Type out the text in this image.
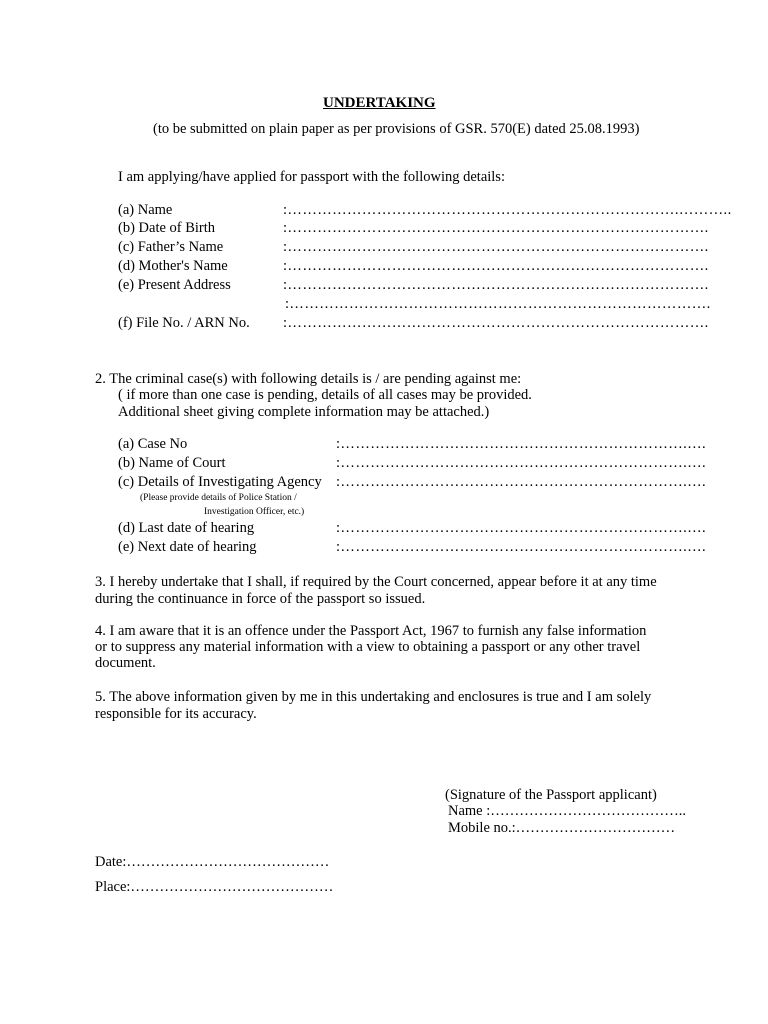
UNDERTAKING
(to be submitted on plain paper as per provisions of GSR. 570(E) dated 25.08.1993)
I am applying/have applied for passport with the following details:
(a) Name	:…………………………………………………………………….………..
(b) Date of Birth	:………………………………………………………………………….
(c) Father’s Name	:………………………………………………………………………….
(d) Mother's Name	:………………………………………………………………………….
(e) Present Address	:………………………………………………………………………….
:………………………………………………………………………….
(f) File No. / ARN No. :………………………………………………………………………….
2. The criminal case(s) with following details is / are pending against me:
( if more than one case is pending, details of all cases may be provided.
Additional sheet giving complete information may be attached.)
(a) Case No	:…………………………………………………………….….
(b) Name of Court	:…………………………………………………………….….
(c) Details of Investigating Agency :…………………………………………………………….….
(Please provide details of Police Station /
Investigation Officer, etc.)
(d) Last date of hearing	:…………………………………………………………….….
(e) Next date of hearing	:…………………………………………………………….….
3. I hereby undertake that I shall, if required by the Court concerned, appear before it at any time
during the continuance in force of the passport so issued.
4. I am aware that it is an offence under the Passport Act, 1967 to furnish any false information
or to suppress any material information with a view to obtaining a passport or any other travel
document.
5. The above information given by me in this undertaking and enclosures is true and I am solely
responsible for its accuracy.
(Signature of the Passport applicant)
Name :…………………………………..
Mobile no.:……………………………
Date:……………………………………
Place:……………………………………
